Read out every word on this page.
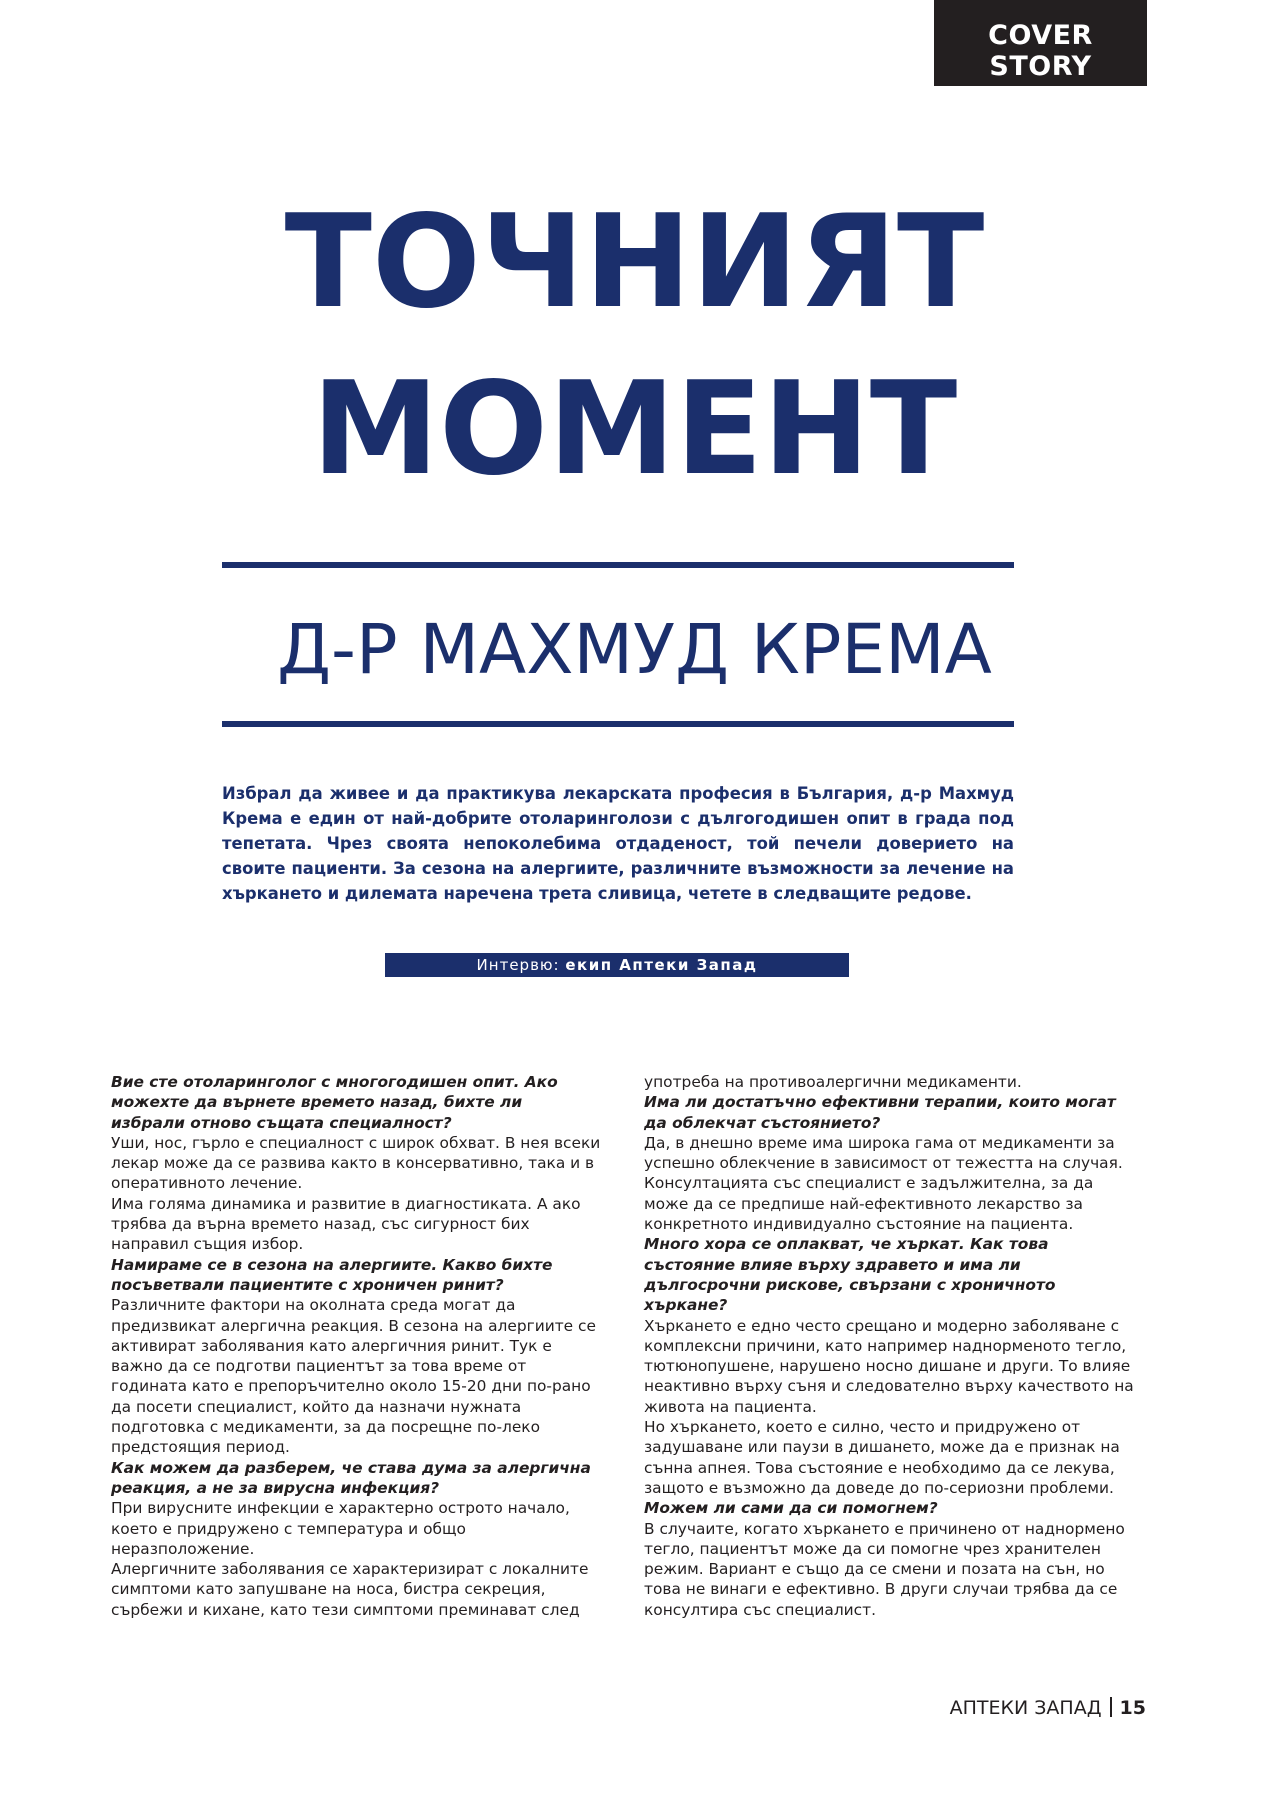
COVER STORY
ТОЧНИЯТ
МОМЕНТ
Д-Р МАХМУД КРЕМА

Избрал да живее и да практикува лекарската професия в България, д-р Махмуд Крема е един от най-добрите отоларинголози с дългогодишен опит в града под тепетата. Чрез своята непоколебима отдаденост, той печели доверието на своите пациенти. За сезона на алергиите, различните възможности за лечение на хъркането и дилемата наречена трета сливица, четете в следващите редове.

Интервю: екип Аптеки Запад

Вие сте отоларинголог с многогодишен опит. Ако можехте да върнете времето назад, бихте ли избрали отново същата специалност?

Уши, нос, гърло е специалност с широк обхват. В нея всеки лекар може да се развива както в консервативно, така и в оперативното лечение.

Има голяма динамика и развитие в диагностиката. А ако трябва да върна времето назад, със сигурност бих направил същия избор.

Намираме се в сезона на алергиите. Какво бихте посъветвали пациентите с хроничен ринит?

Различните фактори на околната среда могат да предизвикат алергична реакция. В сезона на алергиите се активират заболявания като алергичния ринит. Тук е важно да се подготви пациентът за това време от годината като е препоръчително около 15-20 дни по-рано да посети специалист, който да назначи нужната подготовка с медикаменти, за да посрещне по-леко предстоящия период.

Как можем да разберем, че става дума за алергична реакция, а не за вирусна инфекция?

При вирусните инфекции е характерно острото начало, което е придружено с температура и общо неразположение.

Алергичните заболявания се характеризират с локалните симптоми като запушване на носа, бистра секреция, сърбежи и кихане, като тези симптоми преминават след

употреба на противоалергични медикаменти.

Има ли достатъчно ефективни терапии, които могат да облекчат състоянието?

Да, в днешно време има широка гама от медикаменти за успешно облекчение в зависимост от тежестта на случая. Консултацията със специалист е задължителна, за да може да се предпише най-ефективното лекарство за конкретното индивидуално състояние на пациента.

Много хора се оплакват, че хъркат. Как това състояние влияе върху здравето и има ли дългосрочни рискове, свързани с хроничното хъркане?

Хъркането е едно често срещано и модерно заболяване с комплексни причини, като например наднорменото тегло, тютюнопушене, нарушено носно дишане и други. То влияе неактивно върху съня и следователно върху качеството на живота на пациента.

Но хъркането, което е силно, често и придружено от задушаване или паузи в дишането, може да е признак на сънна апнея. Това състояние е необходимо да се лекува, защото е възможно да доведе до по-сериозни проблеми.

Можем ли сами да си помогнем?

В случаите, когато хъркането е причинено от наднормено тегло, пациентът може да си помогне чрез хранителен режим. Вариант е също да се смени и позата на сън, но това не винаги е ефективно. В други случаи трябва да се консултира със специалист.

АПТЕКИ ЗАПАД 15
